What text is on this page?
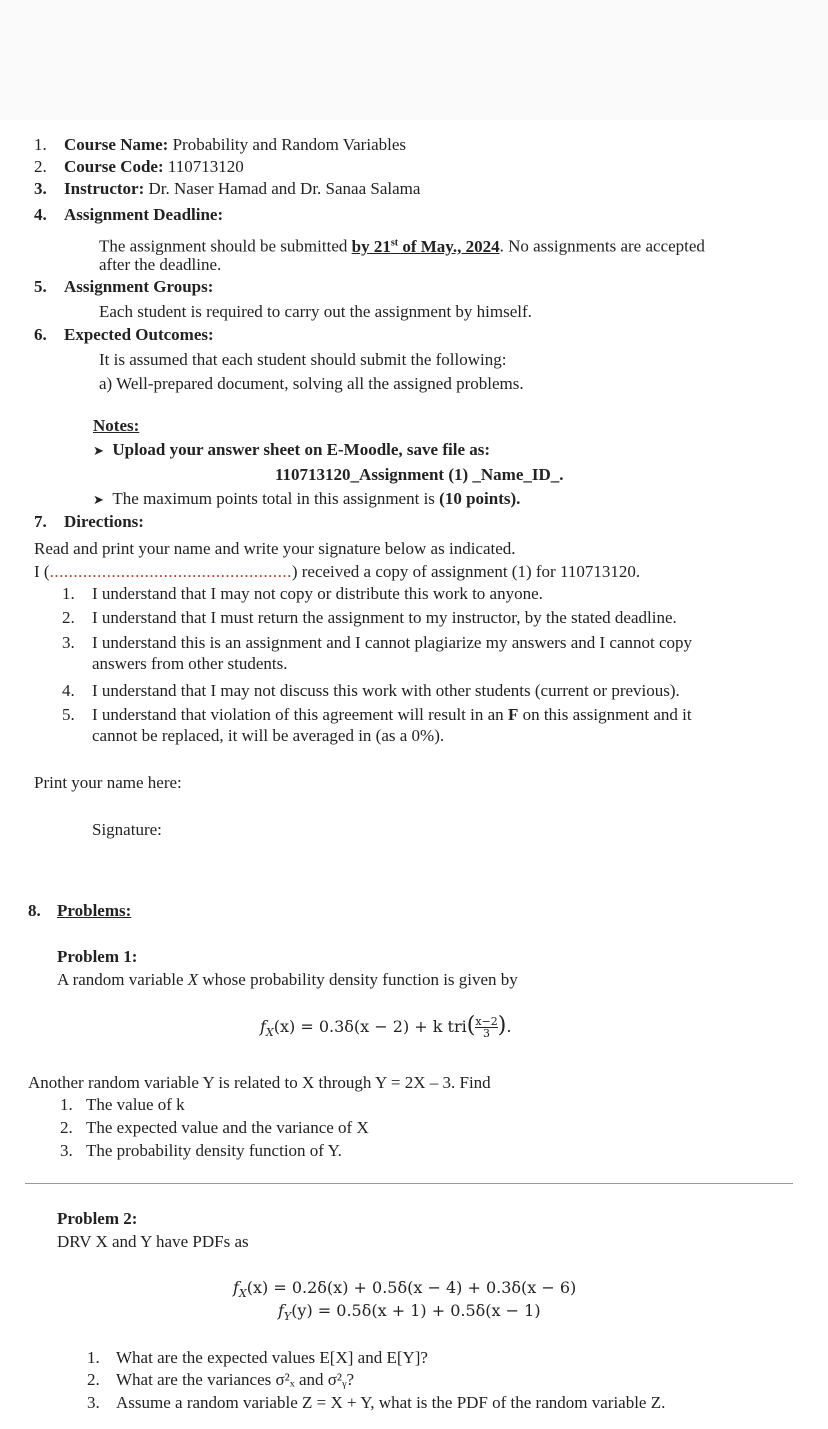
1. Course Name: Probability and Random Variables
2. Course Code: 110713120
3. Instructor: Dr. Naser Hamad and Dr. Sanaa Salama
4. Assignment Deadline:
The assignment should be submitted by 21st of May., 2024. No assignments are accepted
after the deadline.
5. Assignment Groups:
Each student is required to carry out the assignment by himself.
6. Expected Outcomes:
It is assumed that each student should submit the following:
a) Well-prepared document, solving all the assigned problems.
Notes:
➤ Upload your answer sheet on E-Moodle, save file as:
110713120_Assignment (1) _Name_ID_.
➤ The maximum points total in this assignment is (10 points).
7. Directions:
Read and print your name and write your signature below as indicated.
I (...................................................) received a copy of assignment (1) for 110713120.
1. I understand that I may not copy or distribute this work to anyone.
2. I understand that I must return the assignment to my instructor, by the stated deadline.
3. I understand this is an assignment and I cannot plagiarize my answers and I cannot copy
answers from other students.
4. I understand that I may not discuss this work with other students (current or previous).
5. I understand that violation of this agreement will result in an F on this assignment and it
cannot be replaced, it will be averaged in (as a 0%).
Print your name here:
Signature:
8. Problems:
Problem 1:
A random variable X whose probability density function is given by
$f_X(x) = 0.3\delta(x - 2) + k$ $tri( \frac{x-2}{3}$ ).
Another random variable Y is related to X through Y = 2X – 3. Find
1. The value of k
2. The expected value and the variance of X
3. The probability density function of Y.
Problem 2:
DRV X and Y have PDFs as
$f_X(x) = 0.2\delta(x) + 0.5\delta(x - 4) + 0.3\delta(x - 6)$
$f_Y(y) = 0.5\delta(x + 1) + 0.5\delta(x - 1)$
1. What are the expected values E[X] and E[Y]?
2. What are the variances σ²ₓ and σ²ᵧ?
3. Assume a random variable Z = X + Y, what is the PDF of the random variable Z.
